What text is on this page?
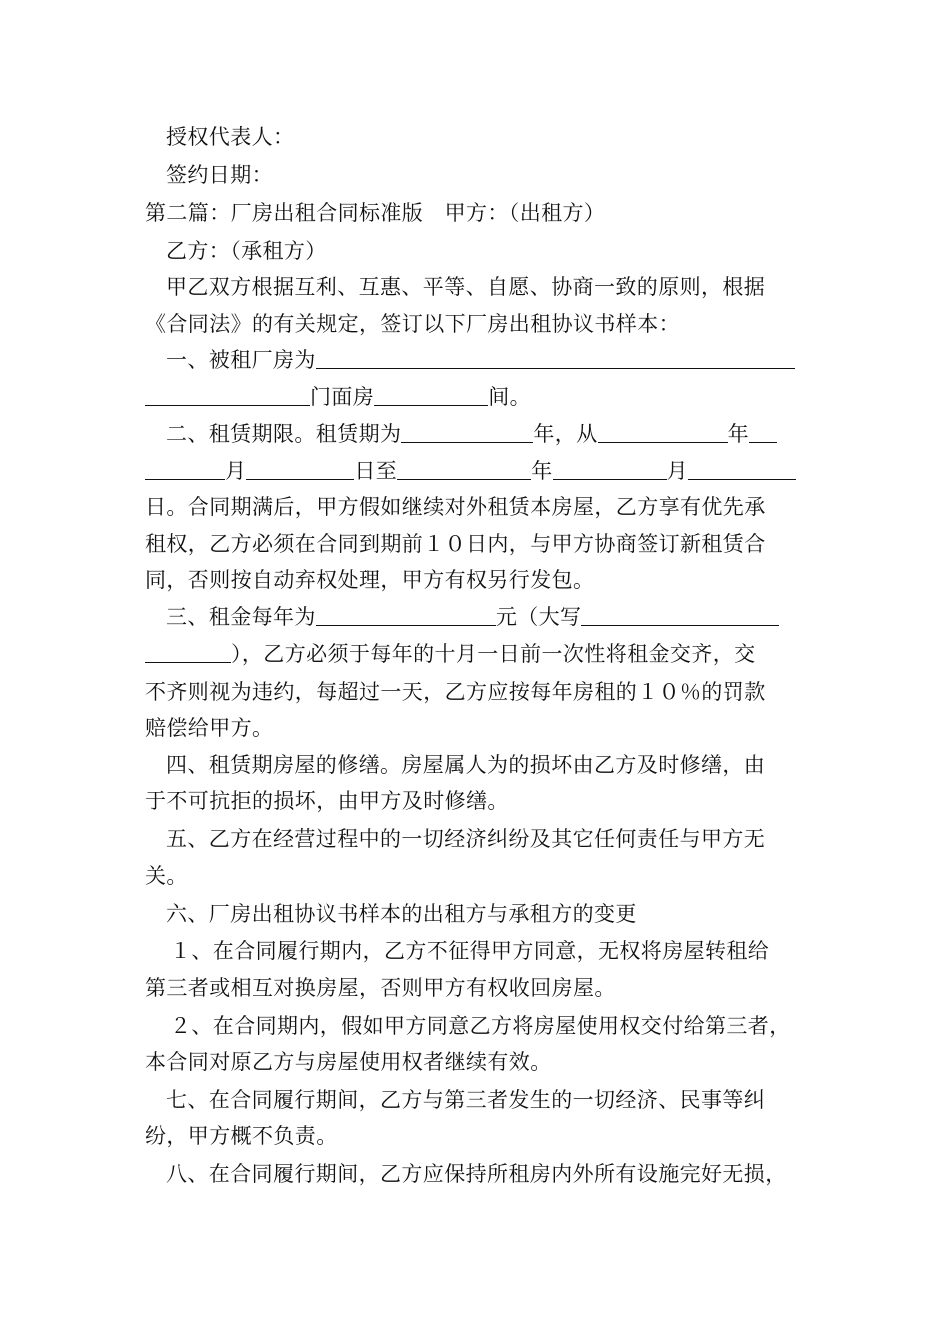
授权代表人：
签约日期：
第二篇：厂房出租合同标准版　甲方：（出租方）
乙方：（承租方）
甲乙双方根据互利、互惠、平等、自愿、协商一致的原则，根据
《合同法》的有关规定，签订以下厂房出租协议书样本：
一、被租厂房为
门面房	间。
二、租赁期限。租赁期为	年，从	年
月	日至	年	月
日。合同期满后，甲方假如继续对外租赁本房屋，乙方享有优先承
租权，乙方必须在合同到期前１０日内，与甲方协商签订新租赁合
同，否则按自动弃权处理，甲方有权另行发包。
三、租金每年为	元（大写
），乙方必须于每年的十月一日前一次性将租金交齐，交
不齐则视为违约，每超过一天，乙方应按每年房租的１０％的罚款
赔偿给甲方。
四、租赁期房屋的修缮。房屋属人为的损坏由乙方及时修缮，由
于不可抗拒的损坏，由甲方及时修缮。
五、乙方在经营过程中的一切经济纠纷及其它任何责任与甲方无
关。
六、厂房出租协议书样本的出租方与承租方的变更
１、在合同履行期内，乙方不征得甲方同意，无权将房屋转租给
第三者或相互对换房屋，否则甲方有权收回房屋。
２、在合同期内，假如甲方同意乙方将房屋使用权交付给第三者，
本合同对原乙方与房屋使用权者继续有效。
七、在合同履行期间，乙方与第三者发生的一切经济、民事等纠
纷，甲方概不负责。
八、在合同履行期间，乙方应保持所租房内外所有设施完好无损，
